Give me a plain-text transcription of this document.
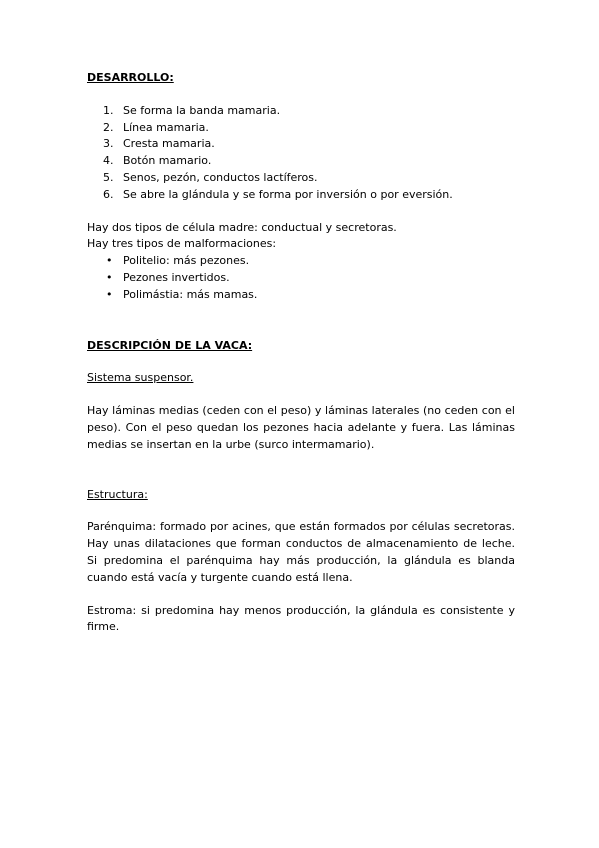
DESARROLLO:

1. Se forma la banda mamaria.
2. Línea mamaria.
3. Cresta mamaria.
4. Botón mamario.
5. Senos, pezón, conductos lactíferos.
6. Se abre la glándula y se forma por inversión o por eversión.

Hay dos tipos de célula madre: conductual y secretoras.

Hay tres tipos de malformaciones:

• Politelio: más pezones.
• Pezones invertidos.
• Polimástia: más mamas.

DESCRIPCIÓN DE LA VACA:

Sistema suspensor.

Hay láminas medias (ceden con el peso) y láminas laterales (no ceden con el peso). Con el peso quedan los pezones hacia adelante y fuera. Las láminas medias se insertan en la urbe (surco intermamario).

Estructura:

Parénquima: formado por acines, que están formados por células secretoras. Hay unas dilataciones que forman conductos de almacenamiento de leche. Si predomina el parénquima hay más producción, la glándula es blanda cuando está vacía y turgente cuando está llena.

Estroma: si predomina hay menos producción, la glándula es consistente y firme.
